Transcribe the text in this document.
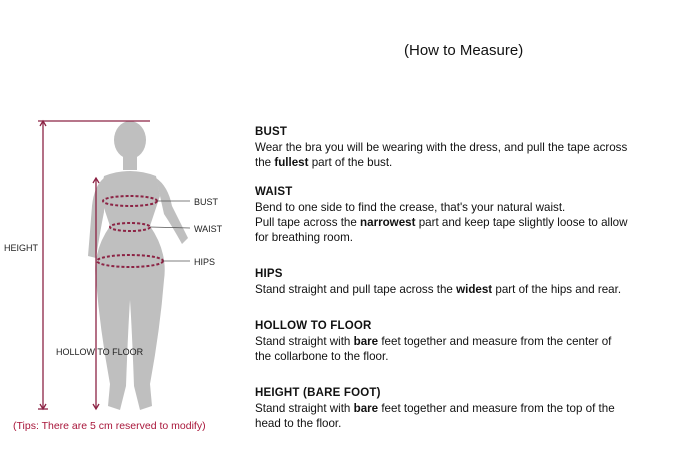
(How to Measure)
BUST
WAIST
HIPS
HEIGHT
HOLLOW TO FLOOR
(Tips: There are 5 cm reserved to modify)
BUST

Wear the bra you will be wearing with the dress, and pull the tape across
the fullest part of the bust.

WAIST

Bend to one side to find the crease, that's your natural waist.
Pull tape across the narrowest part and keep tape slightly loose to allow
for breathing room.

HIPS

Stand straight and pull tape across the widest part of the hips and rear.

HOLLOW TO FLOOR

Stand straight with bare feet together and measure from the center of
the collarbone to the floor.

HEIGHT (BARE FOOT)

Stand straight with bare feet together and measure from the top of the
head to the floor.
